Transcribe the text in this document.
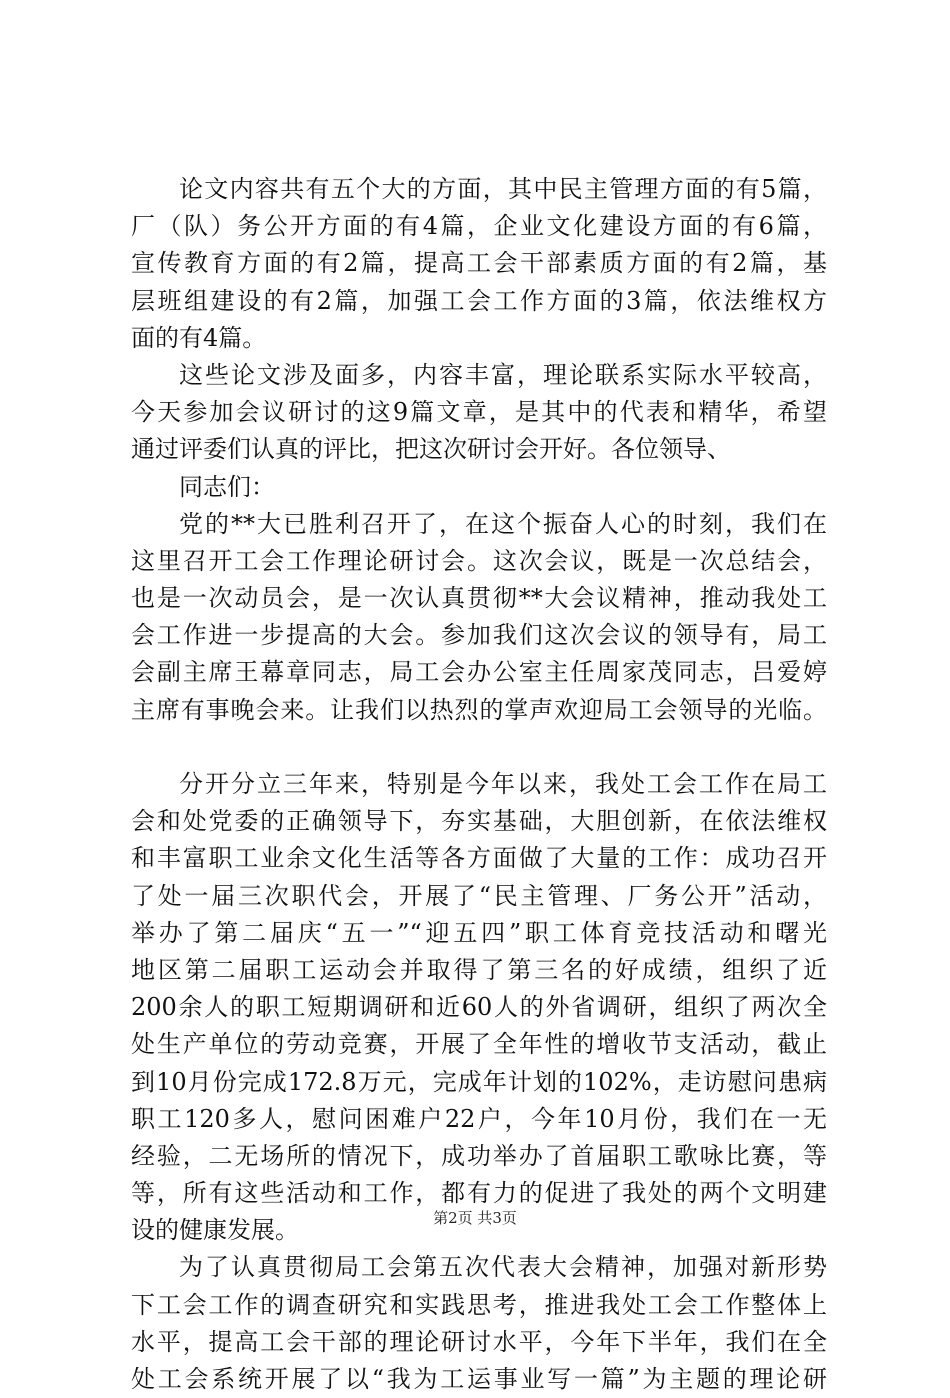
论文内容共有五个大的方面，其中民主管理方面的有5篇，
厂（队）务公开方面的有4篇，企业文化建设方面的有6篇，
宣传教育方面的有2篇，提高工会干部素质方面的有2篇，基
层班组建设的有2篇，加强工会工作方面的3篇，依法维权方
面的有4篇。
这些论文涉及面多，内容丰富，理论联系实际水平较高，
今天参加会议研讨的这9篇文章，是其中的代表和精华，希望
通过评委们认真的评比，把这次研讨会开好。各位领导、
同志们：
党的**大已胜利召开了，在这个振奋人心的时刻，我们在
这里召开工会工作理论研讨会。这次会议，既是一次总结会，
也是一次动员会，是一次认真贯彻**大会议精神，推动我处工
会工作进一步提高的大会。参加我们这次会议的领导有，局工
会副主席王幕章同志，局工会办公室主任周家茂同志，吕爱婷
主席有事晚会来。让我们以热烈的掌声欢迎局工会领导的光临。
分开分立三年来，特别是今年以来，我处工会工作在局工
会和处党委的正确领导下，夯实基础，大胆创新，在依法维权
和丰富职工业余文化生活等各方面做了大量的工作：成功召开
了处一届三次职代会，开展了“民主管理、厂务公开”活动，
举办了第二届庆“五一”“迎五四”职工体育竞技活动和曙光
地区第二届职工运动会并取得了第三名的好成绩，组织了近
200余人的职工短期调研和近60人的外省调研，组织了两次全
处生产单位的劳动竞赛，开展了全年性的增收节支活动，截止
到10月份完成172.8万元，完成年计划的102%，走访慰问患病
职工120多人，慰问困难户22户，今年10月份，我们在一无
经验，二无场所的情况下，成功举办了首届职工歌咏比赛，等
等，所有这些活动和工作，都有力的促进了我处的两个文明建
设的健康发展。
为了认真贯彻局工会第五次代表大会精神，加强对新形势
下工会工作的调查研究和实践思考，推进我处工会工作整体上
水平，提高工会干部的理论研讨水平，今年下半年，我们在全
处工会系统开展了以“我为工运事业写一篇”为主题的理论研
第2页 共3页
